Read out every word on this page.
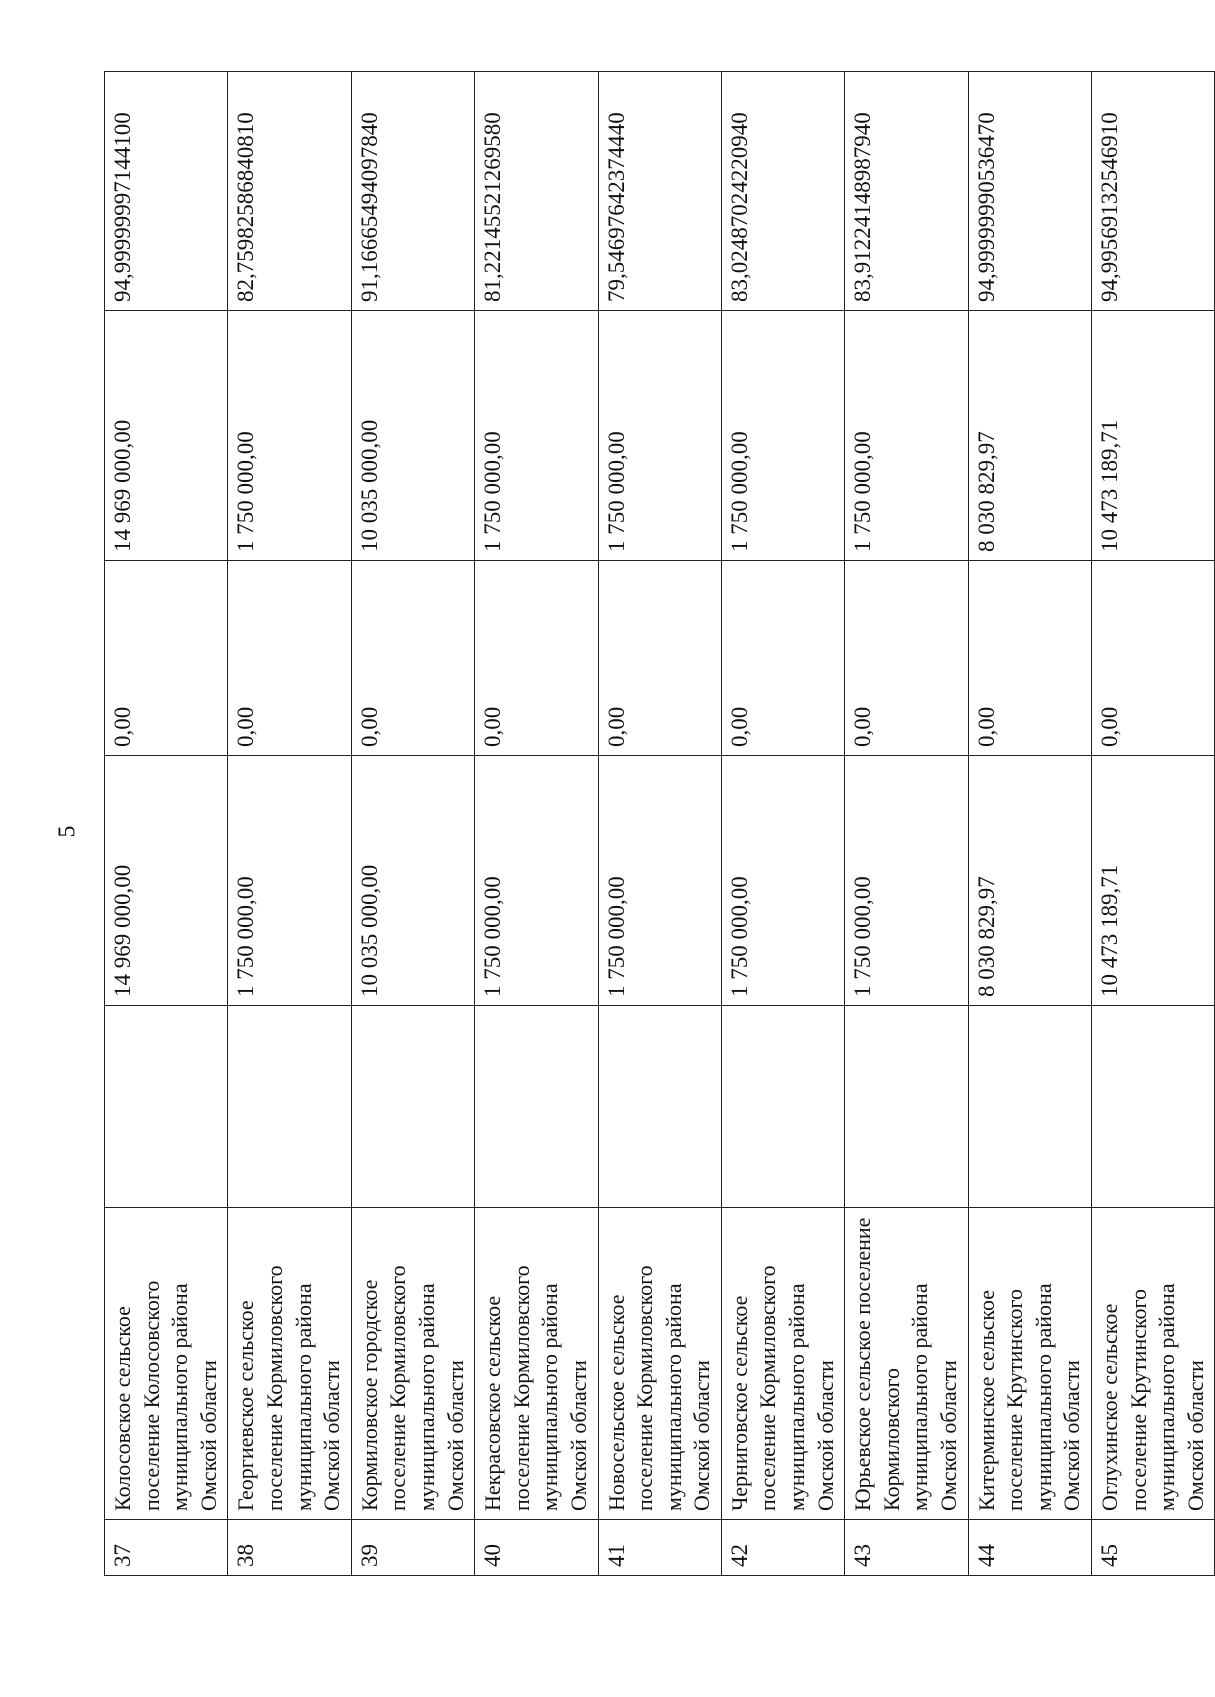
5
37	Колосовское сельское поселение Колосовского муниципального района Омской области		14 969 000,00	0,00	14 969 000,00	94,99999997144100
38	Георгиевское сельское поселение Кормиловского муниципального района Омской области		1 750 000,00	0,00	1 750 000,00	82,75982586840810
39	Кормиловское городское поселение Кормиловского муниципального района Омской области		10 035 000,00	0,00	10 035 000,00	91,16665494097840
40	Некрасовское сельское поселение Кормиловского муниципального района Омской области		1 750 000,00	0,00	1 750 000,00	81,22145521269580
41	Новосельское сельское поселение Кормиловского муниципального района Омской области		1 750 000,00	0,00	1 750 000,00	79,54697642374440
42	Черниговское сельское поселение Кормиловского муниципального района Омской области		1 750 000,00	0,00	1 750 000,00	83,02487024220940
43	Юрьевское сельское поселение Кормиловского муниципального района Омской области		1 750 000,00	0,00	1 750 000,00	83,91224148987940
44	Китерминское сельское поселение Крутинского муниципального района Омской области		8 030 829,97	0,00	8 030 829,97	94,99999990536470
45	Оглухинское сельское поселение Крутинского муниципального района Омской области		10 473 189,71	0,00	10 473 189,71	94,99569132546910
